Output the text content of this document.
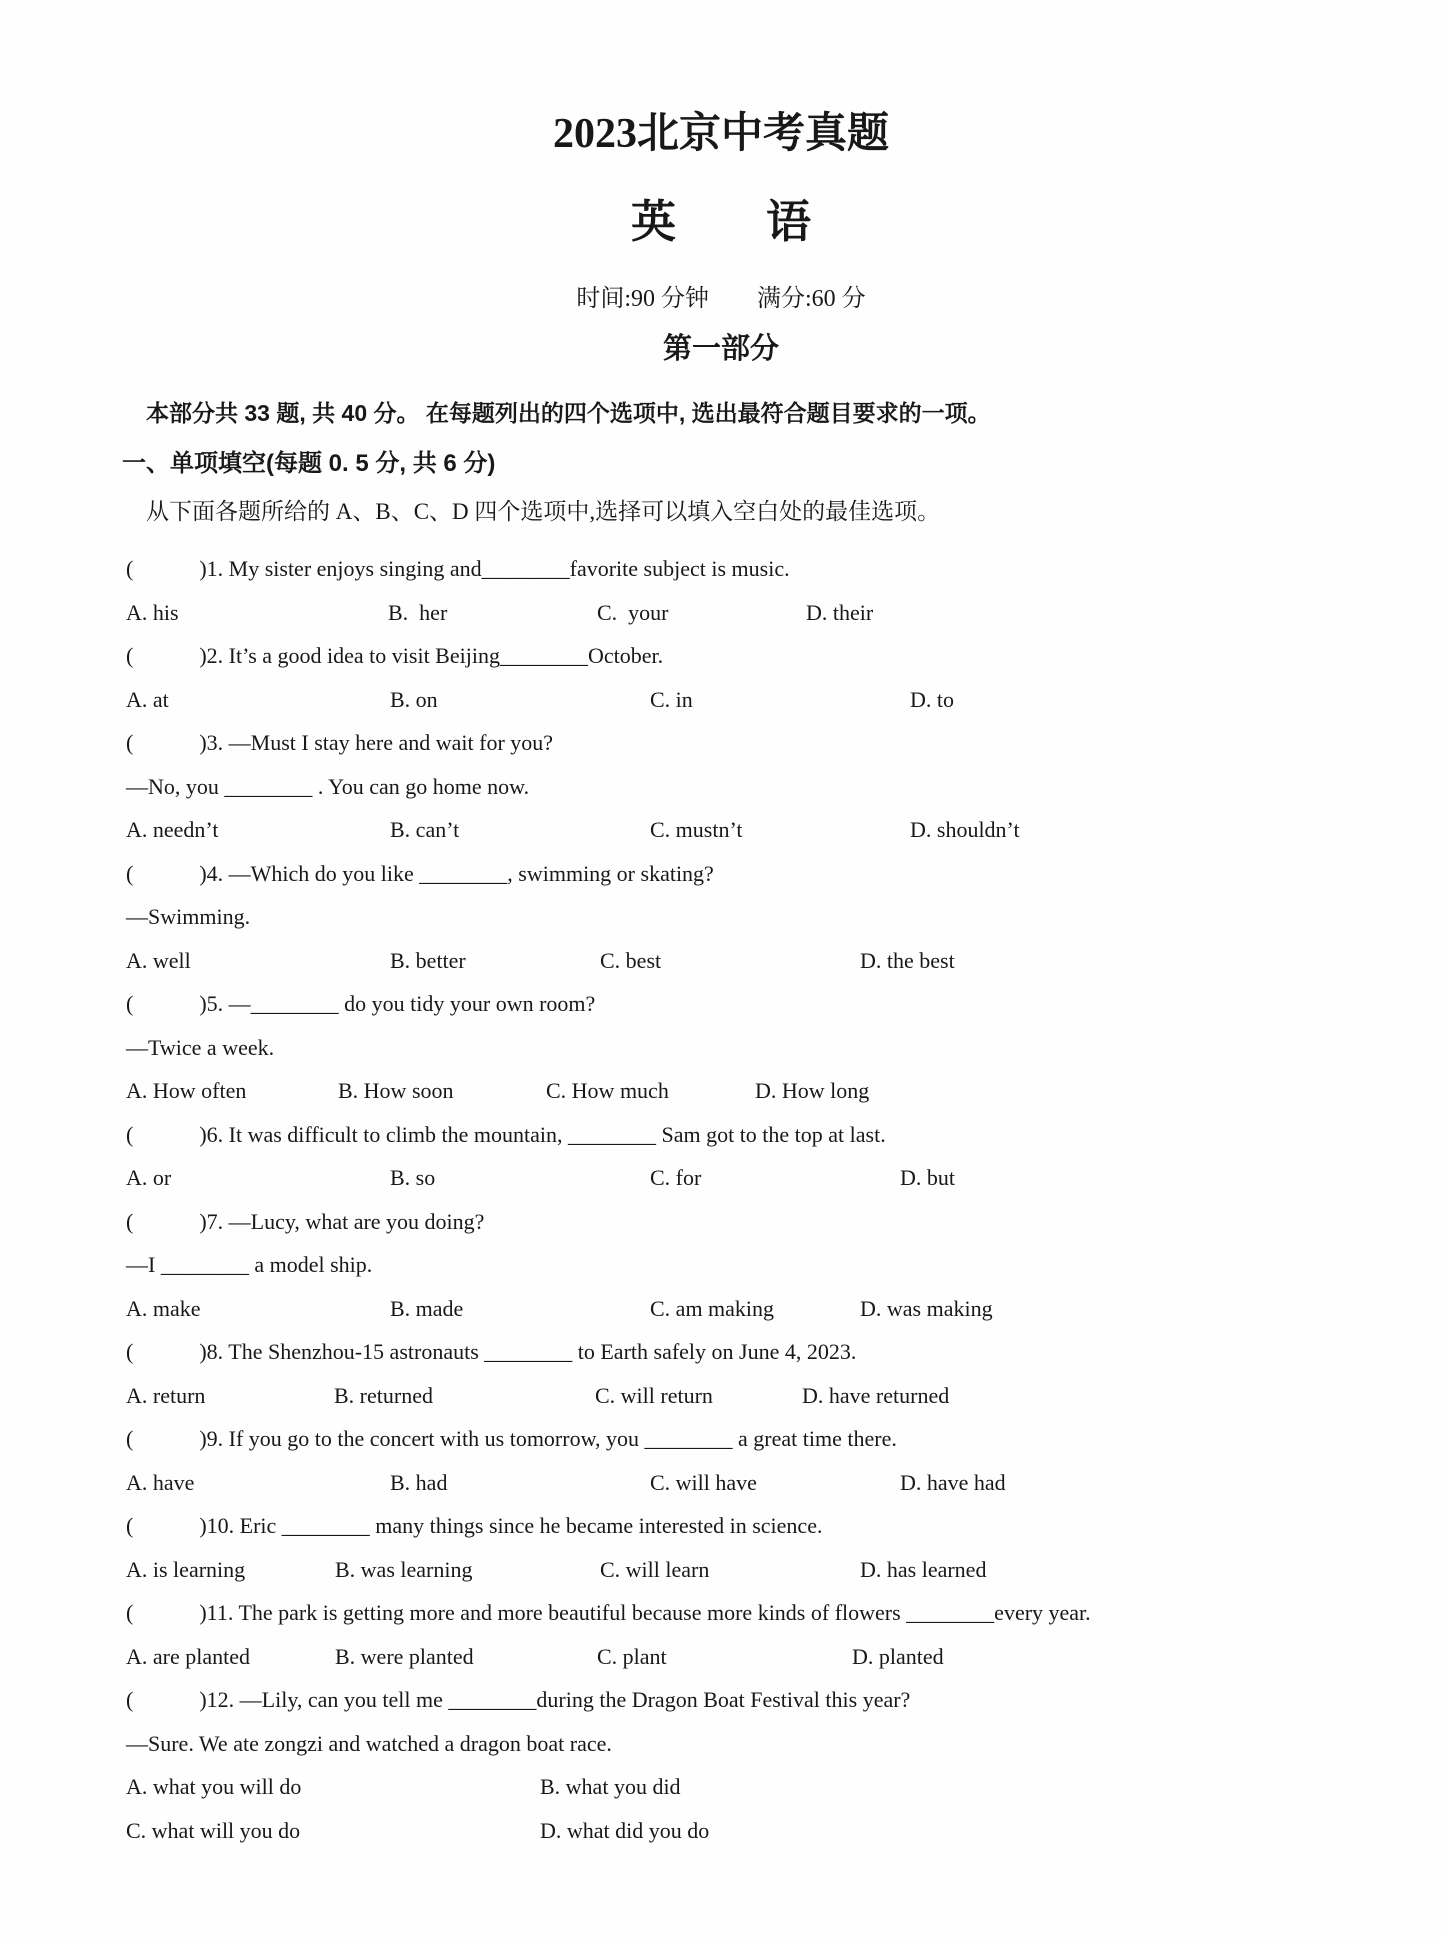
2023北京中考真题
英　　语
时间:90 分钟　　满分:60 分
第一部分
本部分共 33 题, 共 40 分。 在每题列出的四个选项中, 选出最符合题目要求的一项。
一、单项填空(每题 0. 5 分, 共 6 分)
从下面各题所给的 A、B、C、D 四个选项中,选择可以填入空白处的最佳选项。
(            )1. My sister enjoys singing and________favorite subject is music.
A. his	B.  her	C.  your	D. their
(            )2. It’s a good idea to visit Beijing________October.
A. at	B. on	C. in	D. to
(            )3. —Must I stay here and wait for you?
—No, you ________ . You can go home now.
A. needn’t	B. can’t	C. mustn’t	D. shouldn’t
(            )4. —Which do you like ________, swimming or skating?
—Swimming.
A. well	B. better	C. best	D. the best
(            )5. —________ do you tidy your own room?
—Twice a week.
A. How often	B. How soon	C. How much	D. How long
(            )6. It was difficult to climb the mountain, ________ Sam got to the top at last.
A. or	B. so	C. for	D. but
(            )7. —Lucy, what are you doing?
—I ________ a model ship.
A. make	B. made	C. am making	D. was making
(            )8. The Shenzhou-15 astronauts ________ to Earth safely on June 4, 2023.
A. return	B. returned	C. will return	D. have returned
(            )9. If you go to the concert with us tomorrow, you ________ a great time there.
A. have	B. had	C. will have	D. have had
(            )10. Eric ________ many things since he became interested in science.
A. is learning	B. was learning	C. will learn	D. has learned
(            )11. The park is getting more and more beautiful because more kinds of flowers ________every year.
A. are planted	B. were planted	C. plant	D. planted
(            )12. —Lily, can you tell me ________during the Dragon Boat Festival this year?
—Sure. We ate zongzi and watched a dragon boat race.
A. what you will do	B. what you did
C. what will you do	D. what did you do
